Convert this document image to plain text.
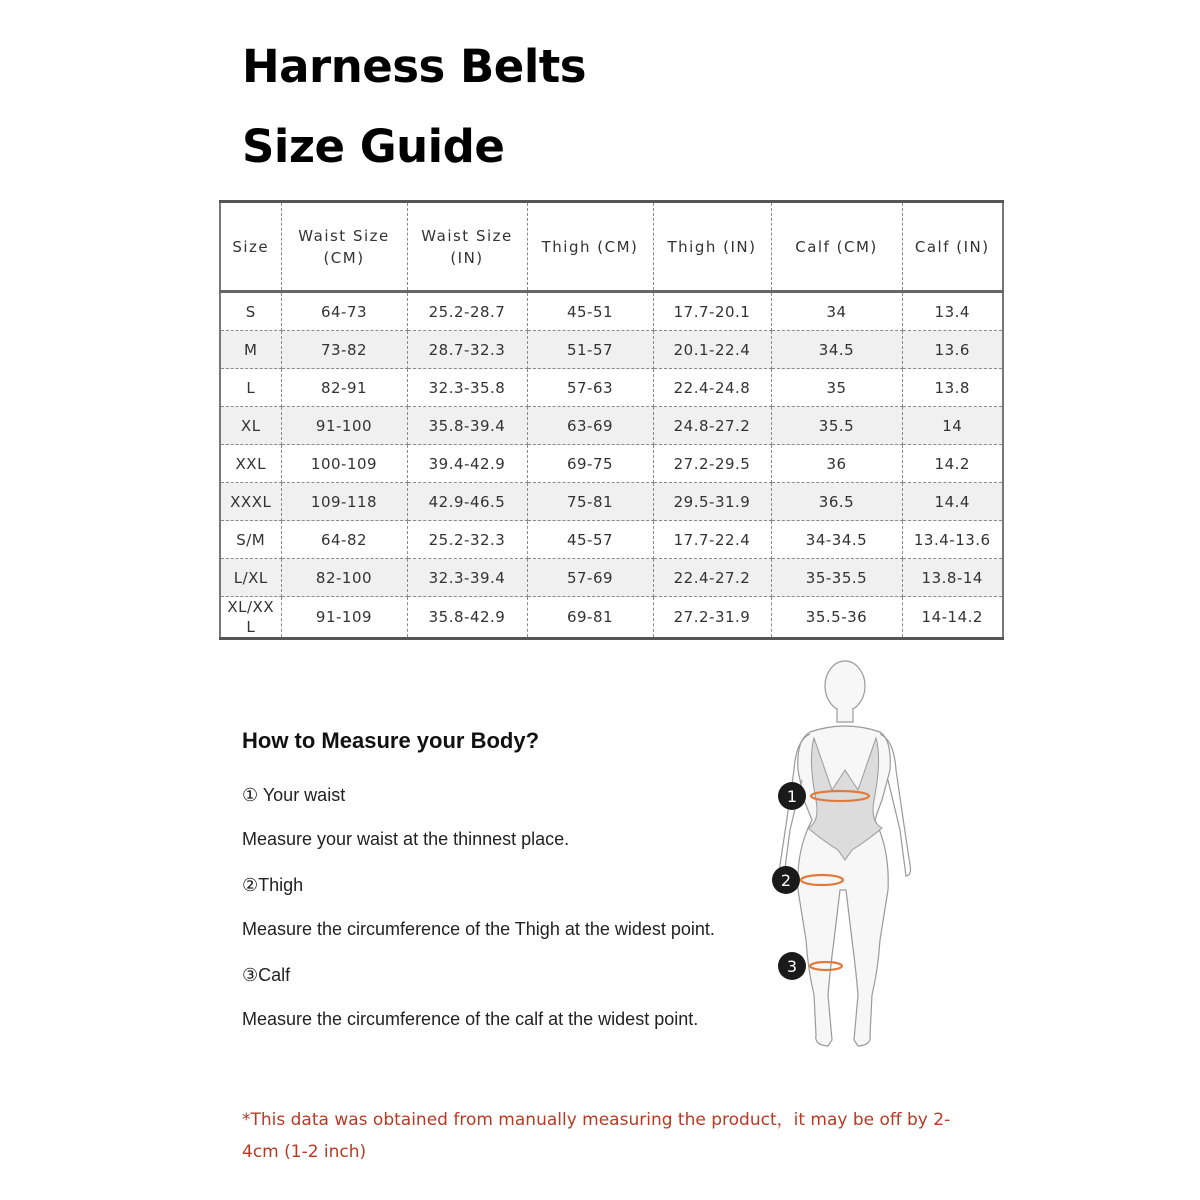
Harness Belts
Size Guide
Size	Waist Size (CM)	Waist Size (IN)	Thigh (CM)	Thigh (IN)	Calf (CM)	Calf (IN)
S	64-73	25.2-28.7	45-51	17.7-20.1	34	13.4
M	73-82	28.7-32.3	51-57	20.1-22.4	34.5	13.6
L	82-91	32.3-35.8	57-63	22.4-24.8	35	13.8
XL	91-100	35.8-39.4	63-69	24.8-27.2	35.5	14
XXL	100-109	39.4-42.9	69-75	27.2-29.5	36	14.2
XXXL	109-118	42.9-46.5	75-81	29.5-31.9	36.5	14.4
S/M	64-82	25.2-32.3	45-57	17.7-22.4	34-34.5	13.4-13.6
L/XL	82-100	32.3-39.4	57-69	22.4-27.2	35-35.5	13.8-14
XL/XXL	91-109	35.8-42.9	69-81	27.2-31.9	35.5-36	14-14.2
How to Measure your Body?

① Your waist

Measure your waist at the thinnest place.

②Thigh

Measure the circumference of the Thigh at the widest point.

③Calf

Measure the circumference of the calf at the widest point.

1
2
3

*This data was obtained from manually measuring the product，it may be off by 2-4cm (1-2 inch)
